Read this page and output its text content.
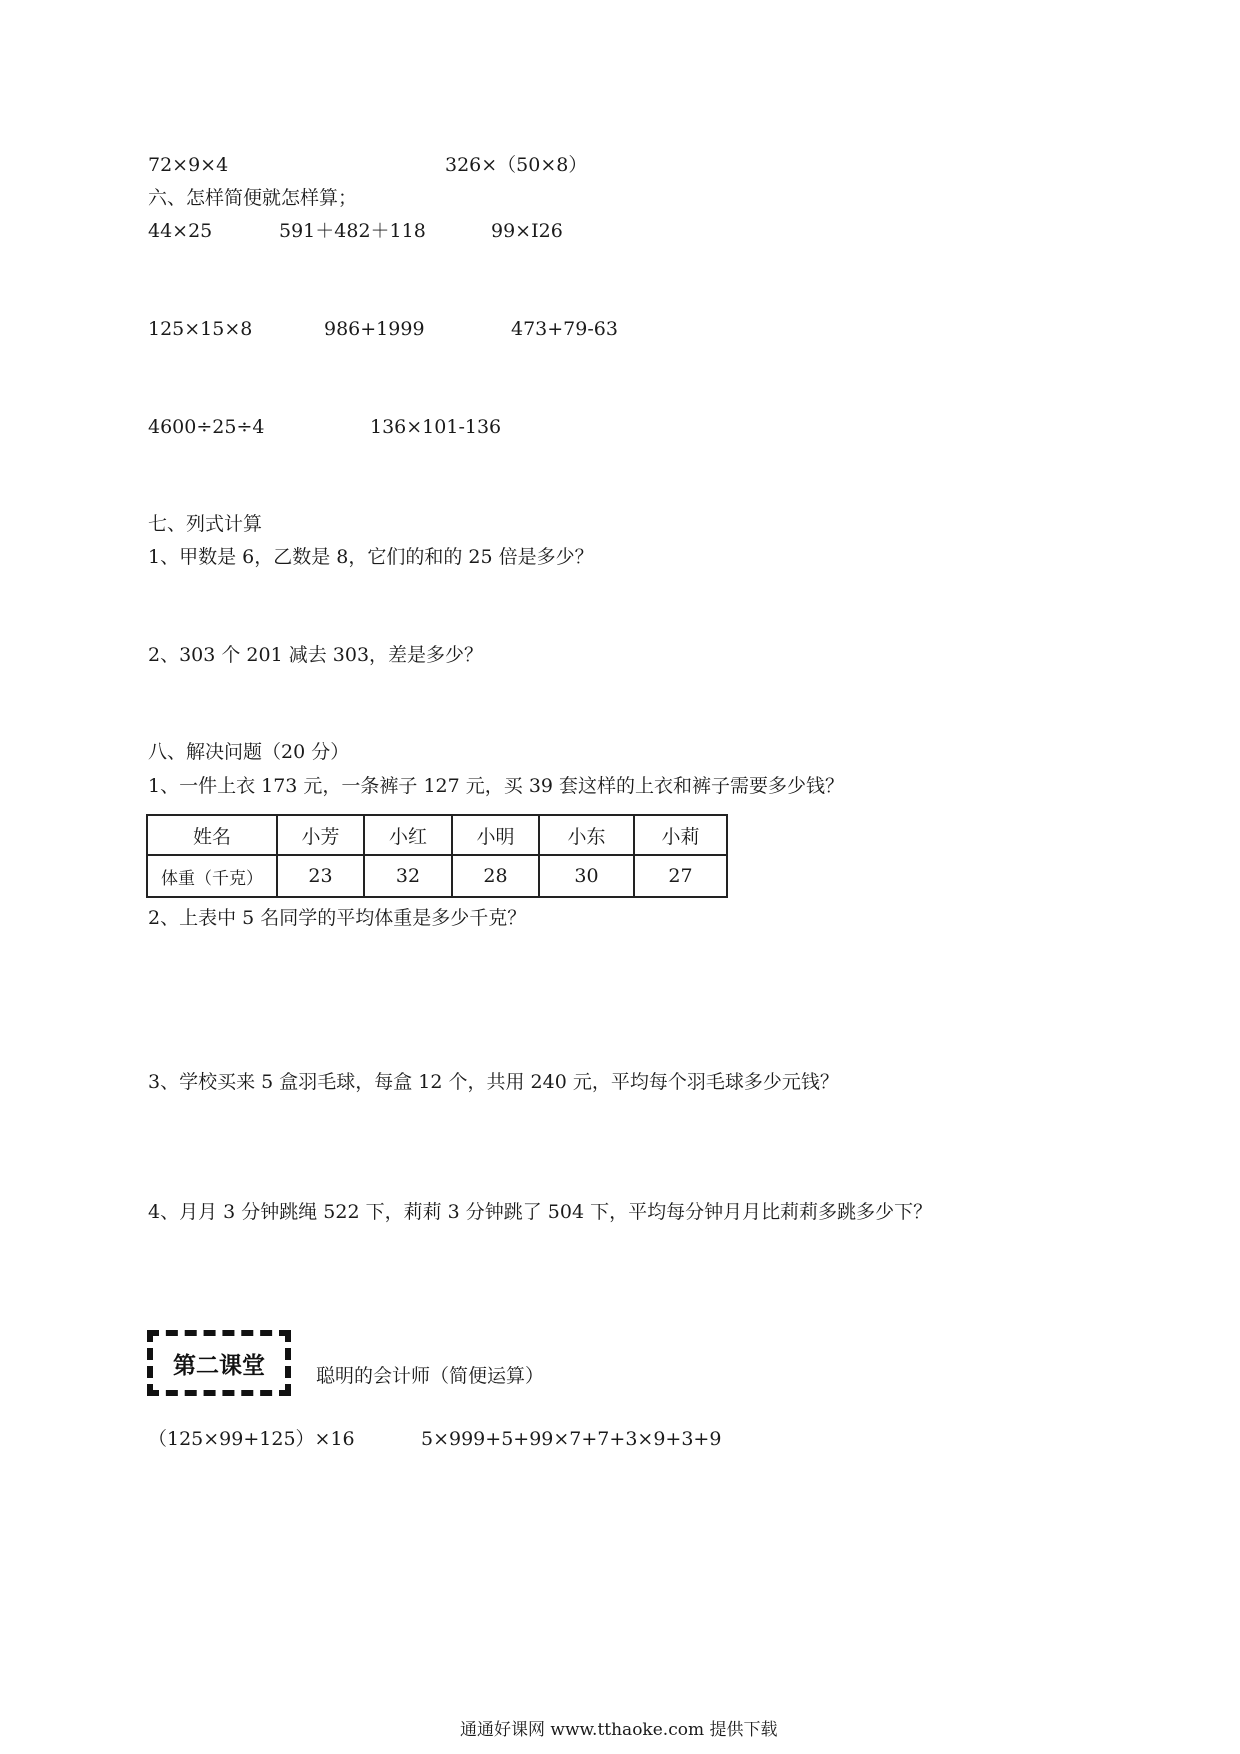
72×9×4	326×（50×8）
六、怎样简便就怎样算；
44×25	591＋482＋118	99×I26
125×15×8	986+1999	473+79-63
4600÷25÷4	136×101-136
七、列式计算
1、甲数是 6，乙数是 8，它们的和的 25 倍是多少？
2、303 个 201 减去 303，差是多少？
八、解决问题（20 分）
1、一件上衣 173 元，一条裤子 127 元，买 39 套这样的上衣和裤子需要多少钱？
姓名	小芳	小红	小明	小东	小莉
体重（千克）	23	32	28	30	27
2、上表中 5 名同学的平均体重是多少千克？
3、学校买来 5 盒羽毛球，每盒 12 个，共用 240 元，平均每个羽毛球多少元钱？
4、月月 3 分钟跳绳 522 下，莉莉 3 分钟跳了 504 下，平均每分钟月月比莉莉多跳多少下？
第二课堂	聪明的会计师（简便运算）
（125×99+125）×16	5×999+5+99×7+7+3×9+3+9
通通好课网 www.tthaoke.com 提供下载
